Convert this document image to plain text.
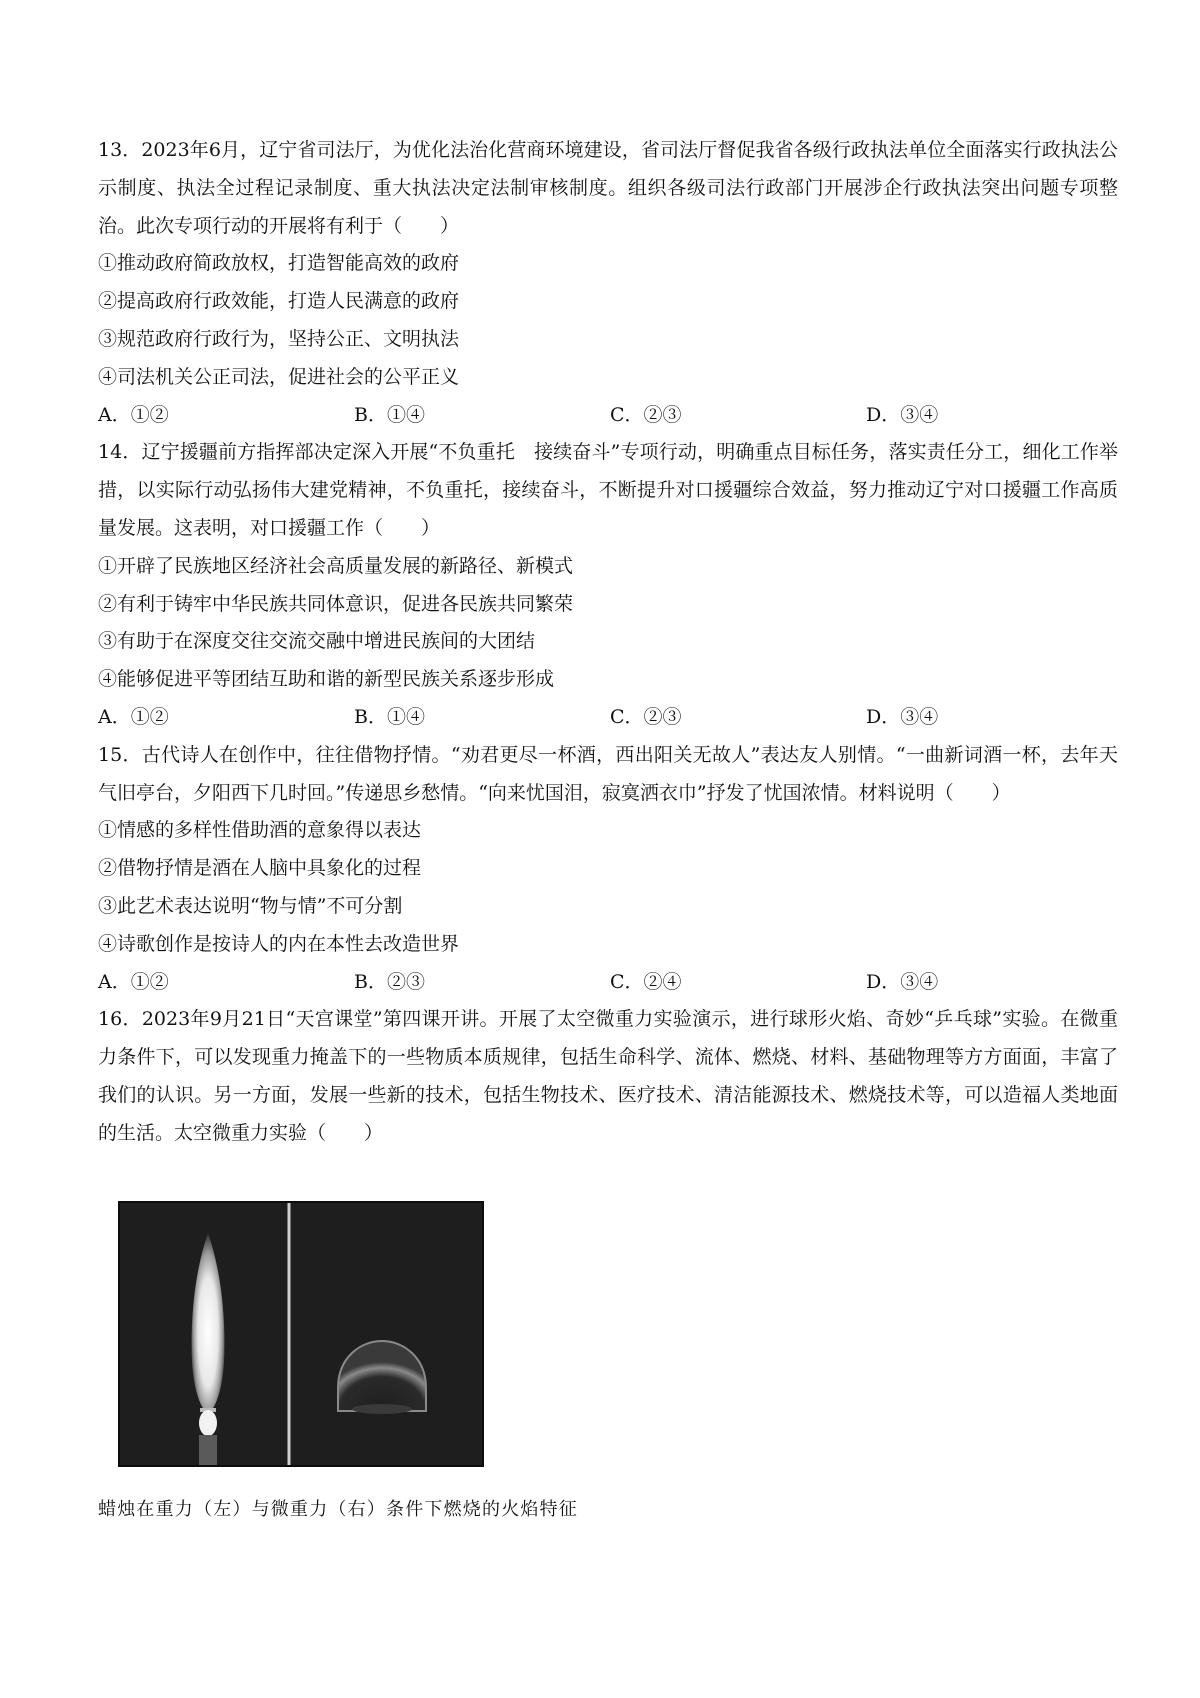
13．2023年6月，辽宁省司法厅，为优化法治化营商环境建设，省司法厅督促我省各级行政执法单位全面落实行政执法公示制度、执法全过程记录制度、重大执法决定法制审核制度。组织各级司法行政部门开展涉企行政执法突出问题专项整治。此次专项行动的开展将有利于（　　）

①推动政府简政放权，打造智能高效的政府

②提高政府行政效能，打造人民满意的政府

③规范政府行政行为，坚持公正、文明执法

④司法机关公正司法，促进社会的公平正义

A．①②	B．①④	C．②③	D．③④

14．辽宁援疆前方指挥部决定深入开展“不负重托　接续奋斗”专项行动，明确重点目标任务，落实责任分工，细化工作举措，以实际行动弘扬伟大建党精神，不负重托，接续奋斗，不断提升对口援疆综合效益，努力推动辽宁对口援疆工作高质量发展。这表明，对口援疆工作（　　）

①开辟了民族地区经济社会高质量发展的新路径、新模式

②有利于铸牢中华民族共同体意识，促进各民族共同繁荣

③有助于在深度交往交流交融中增进民族间的大团结

④能够促进平等团结互助和谐的新型民族关系逐步形成

A．①②	B．①④	C．②③	D．③④

15．古代诗人在创作中，往往借物抒情。“劝君更尽一杯酒，西出阳关无故人”表达友人别情。“一曲新词酒一杯，去年天气旧亭台，夕阳西下几时回。”传递思乡愁情。“向来忧国泪，寂寞洒衣巾”抒发了忧国浓情。材料说明（　　）

①情感的多样性借助酒的意象得以表达

②借物抒情是酒在人脑中具象化的过程

③此艺术表达说明“物与情”不可分割

④诗歌创作是按诗人的内在本性去改造世界

A．①②	B．②③	C．②④	D．③④

16．2023年9月21日“天宫课堂”第四课开讲。开展了太空微重力实验演示，进行球形火焰、奇妙“乒乓球”实验。在微重力条件下，可以发现重力掩盖下的一些物质本质规律，包括生命科学、流体、燃烧、材料、基础物理等方方面面，丰富了我们的认识。另一方面，发展一些新的技术，包括生物技术、医疗技术、清洁能源技术、燃烧技术等，可以造福人类地面的生活。太空微重力实验（　　）

蜡烛在重力（左）与微重力（右）条件下燃烧的火焰特征
